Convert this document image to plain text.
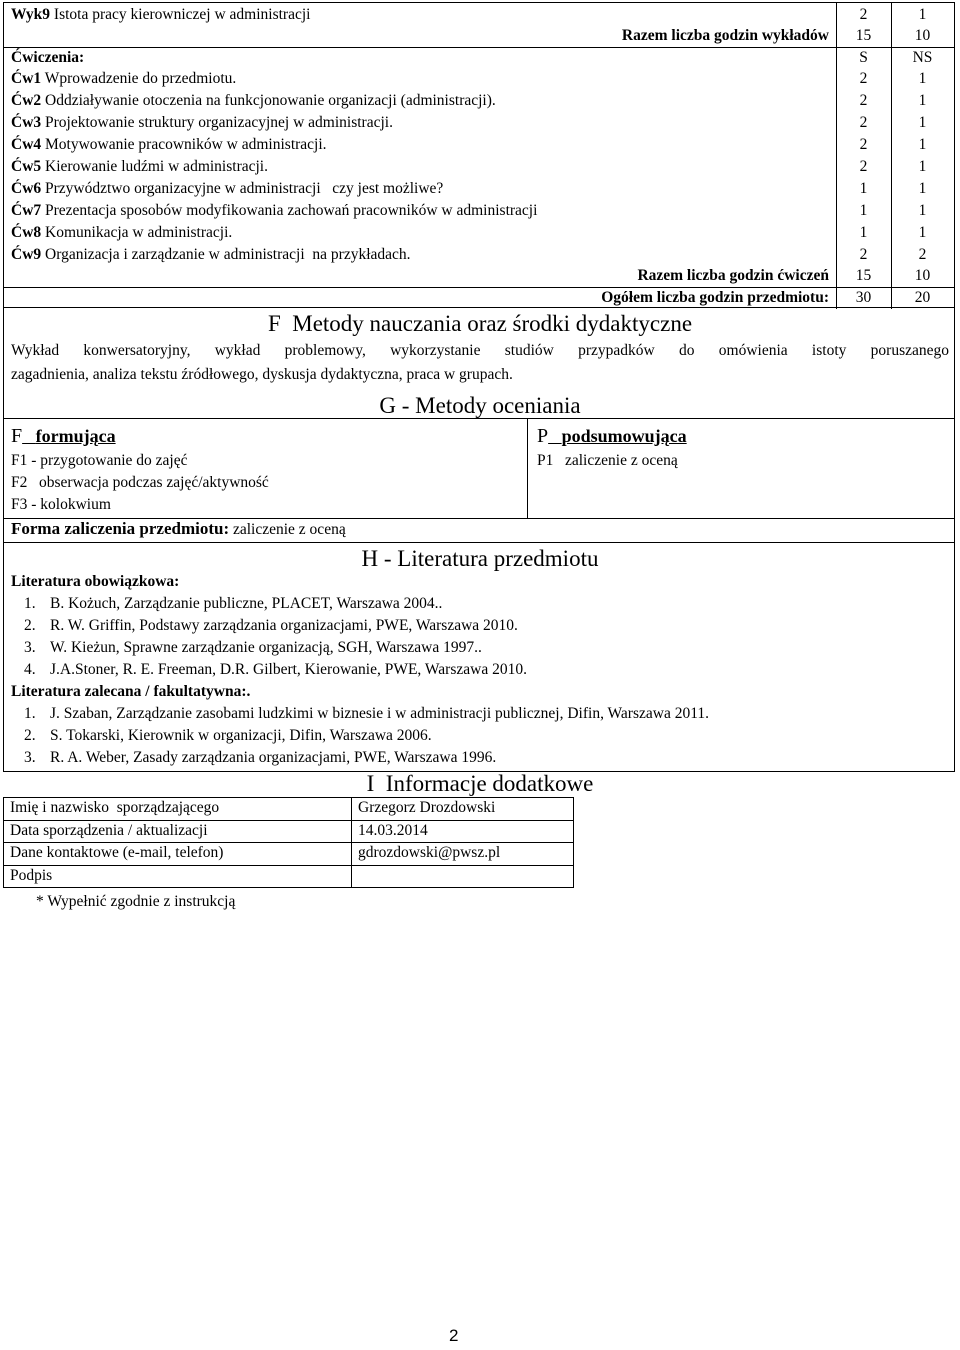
Wyk9 Istota pracy kierowniczej w administracji	2	1
Razem liczba godzin wykładów	15	10
Ćwiczenia:	S	NS
Ćw1 Wprowadzenie do przedmiotu.	2	1
Ćw2 Oddziaływanie otoczenia na funkcjonowanie organizacji (administracji).	2	1
Ćw3 Projektowanie struktury organizacyjnej w administracji.	2	1
Ćw4 Motywowanie pracowników w administracji.	2	1
Ćw5 Kierowanie ludźmi w administracji.	2	1
Ćw6 Przywództwo organizacyjne w administracji   czy jest możliwe?	1	1
Ćw7 Prezentacja sposobów modyfikowania zachowań pracowników w administracji	1	1
Ćw8 Komunikacja w administracji.	1	1
Ćw9 Organizacja i zarządzanie w administracji  na przykładach.	2	2
Razem liczba godzin ćwiczeń	15	10
Ogółem liczba godzin przedmiotu:	30	20
F  Metody nauczania oraz środki dydaktyczne
Wykład konwersatoryjny, wykład problemowy, wykorzystanie studiów przypadków do omówienia istoty poruszanego
zagadnienia, analiza tekstu źródłowego, dyskusja dydaktyczna, praca w grupach.
G - Metody oceniania
F formująca
F1 - przygotowanie do zajęć
F2   obserwacja podczas zajęć/aktywność
F3 - kolokwium
P podsumowująca
P1   zaliczenie z oceną
Forma zaliczenia przedmiotu: zaliczenie z oceną
H - Literatura przedmiotu
Literatura obowiązkowa:
1. B. Kożuch, Zarządzanie publiczne, PLACET, Warszawa 2004..
2. R. W. Griffin, Podstawy zarządzania organizacjami, PWE, Warszawa 2010.
3. W. Kieżun, Sprawne zarządzanie organizacją, SGH, Warszawa 1997..
4. J.A.Stoner, R. E. Freeman, D.R. Gilbert, Kierowanie, PWE, Warszawa 2010.
Literatura zalecana / fakultatywna:.
1. J. Szaban, Zarządzanie zasobami ludzkimi w biznesie i w administracji publicznej, Difin, Warszawa 2011.
2. S. Tokarski, Kierownik w organizacji, Difin, Warszawa 2006.
3. R. A. Weber, Zasady zarządzania organizacjami, PWE, Warszawa 1996.
I  Informacje dodatkowe
Imię i nazwisko  sporządzającego	Grzegorz Drozdowski
Data sporządzenia / aktualizacji	14.03.2014
Dane kontaktowe (e-mail, telefon)	gdrozdowski@pwsz.pl
Podpis	
* Wypełnić zgodnie z instrukcją
2
